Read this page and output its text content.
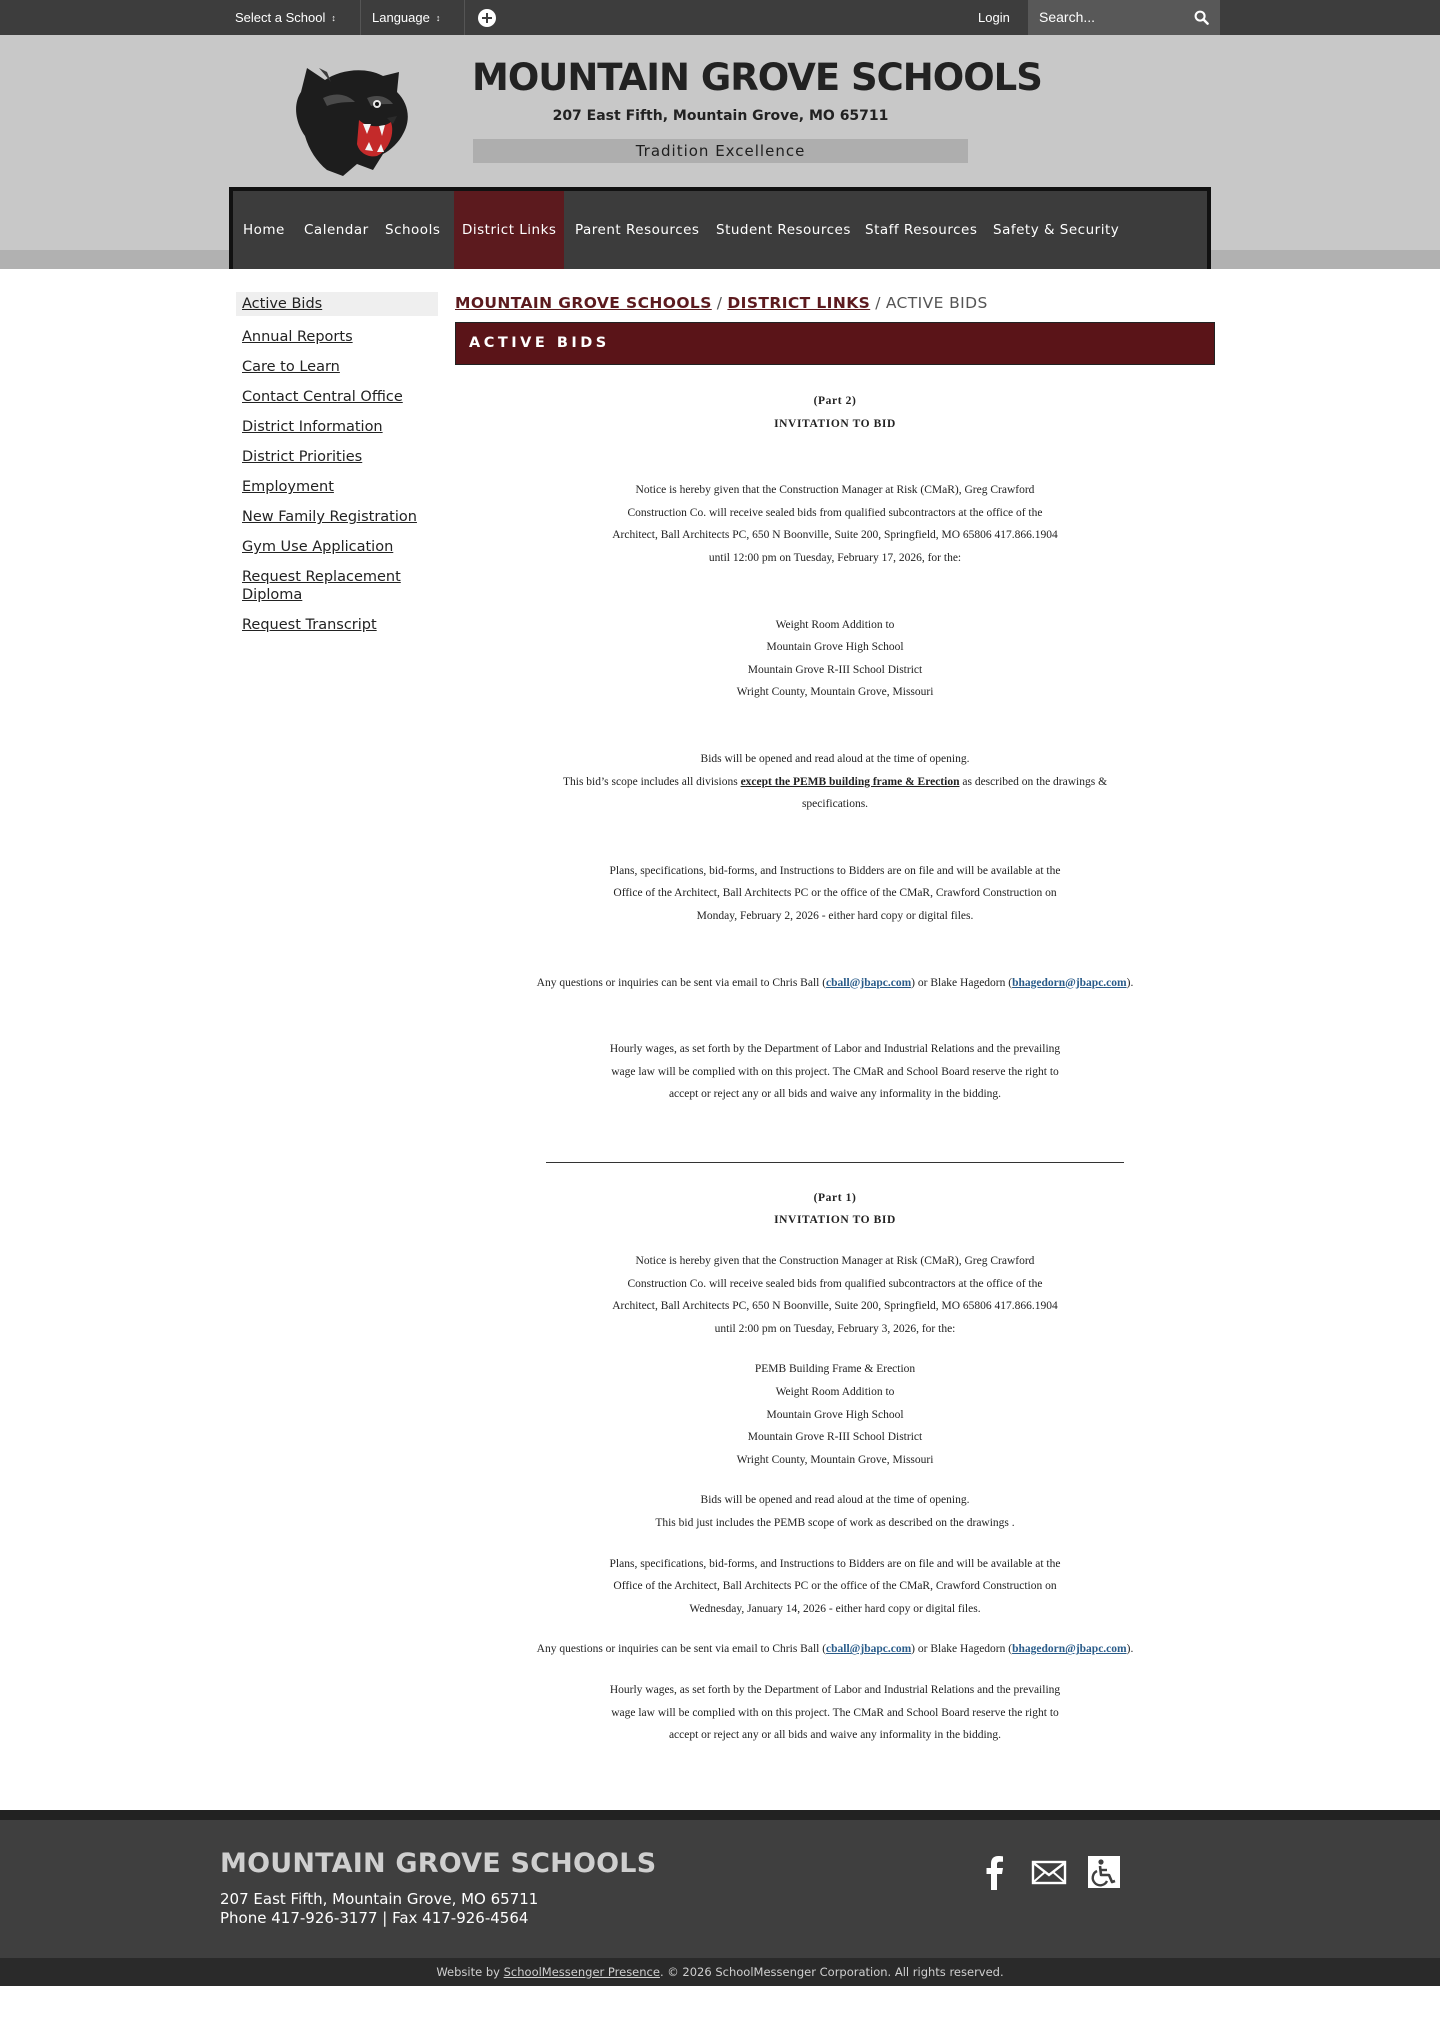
Select a School ↕	Language ↕	Login Search...
MOUNTAIN GROVE SCHOOLS
207 East Fifth, Mountain Grove, MO 65711
Tradition Excellence
Home Calendar Schools	District Links	Parent Resources Student Resources Staff Resources Safety & Security
Active Bids
Annual Reports
Care to Learn
Contact Central Office
District Information
District Priorities
Employment
New Family Registration
Gym Use Application
Request Replacement Diploma
Request Transcript
MOUNTAIN GROVE SCHOOLS / DISTRICT LINKS / ACTIVE BIDS
ACTIVE BIDS

(Part 2)

INVITATION TO BID

Notice is hereby given that the Construction Manager at Risk (CMaR), Greg Crawford

Construction Co. will receive sealed bids from qualified subcontractors at the office of the

Architect, Ball Architects PC, 650 N Boonville, Suite 200, Springfield, MO 65806 417.866.1904

until 12:00 pm on Tuesday, February 17, 2026, for the:

Weight Room Addition to

Mountain Grove High School

Mountain Grove R-III School District

Wright County, Mountain Grove, Missouri

Bids will be opened and read aloud at the time of opening.

This bid’s scope includes all divisions except the PEMB building frame & Erection as described on the drawings &

specifications.

Plans, specifications, bid-forms, and Instructions to Bidders are on file and will be available at the

Office of the Architect, Ball Architects PC or the office of the CMaR, Crawford Construction on

Monday, February 2, 2026 - either hard copy or digital files.

Any questions or inquiries can be sent via email to Chris Ball (cball@jbapc.com) or Blake Hagedorn (bhagedorn@jbapc.com).

Hourly wages, as set forth by the Department of Labor and Industrial Relations and the prevailing

wage law will be complied with on this project. The CMaR and School Board reserve the right to

accept or reject any or all bids and waive any informality in the bidding.

(Part 1)

INVITATION TO BID

Notice is hereby given that the Construction Manager at Risk (CMaR), Greg Crawford

Construction Co. will receive sealed bids from qualified subcontractors at the office of the

Architect, Ball Architects PC, 650 N Boonville, Suite 200, Springfield, MO 65806 417.866.1904

until 2:00 pm on Tuesday, February 3, 2026, for the:

PEMB Building Frame & Erection

Weight Room Addition to

Mountain Grove High School

Mountain Grove R-III School District

Wright County, Mountain Grove, Missouri

Bids will be opened and read aloud at the time of opening.

This bid just includes the PEMB scope of work as described on the drawings .

Plans, specifications, bid-forms, and Instructions to Bidders are on file and will be available at the

Office of the Architect, Ball Architects PC or the office of the CMaR, Crawford Construction on

Wednesday, January 14, 2026 - either hard copy or digital files.

Any questions or inquiries can be sent via email to Chris Ball (cball@jbapc.com) or Blake Hagedorn (bhagedorn@jbapc.com).

Hourly wages, as set forth by the Department of Labor and Industrial Relations and the prevailing

wage law will be complied with on this project. The CMaR and School Board reserve the right to

accept or reject any or all bids and waive any informality in the bidding.

MOUNTAIN GROVE SCHOOLS
207 East Fifth, Mountain Grove, MO 65711
Phone 417-926-3177 | Fax 417-926-4564
Website by SchoolMessenger Presence. © 2026 SchoolMessenger Corporation. All rights reserved.
